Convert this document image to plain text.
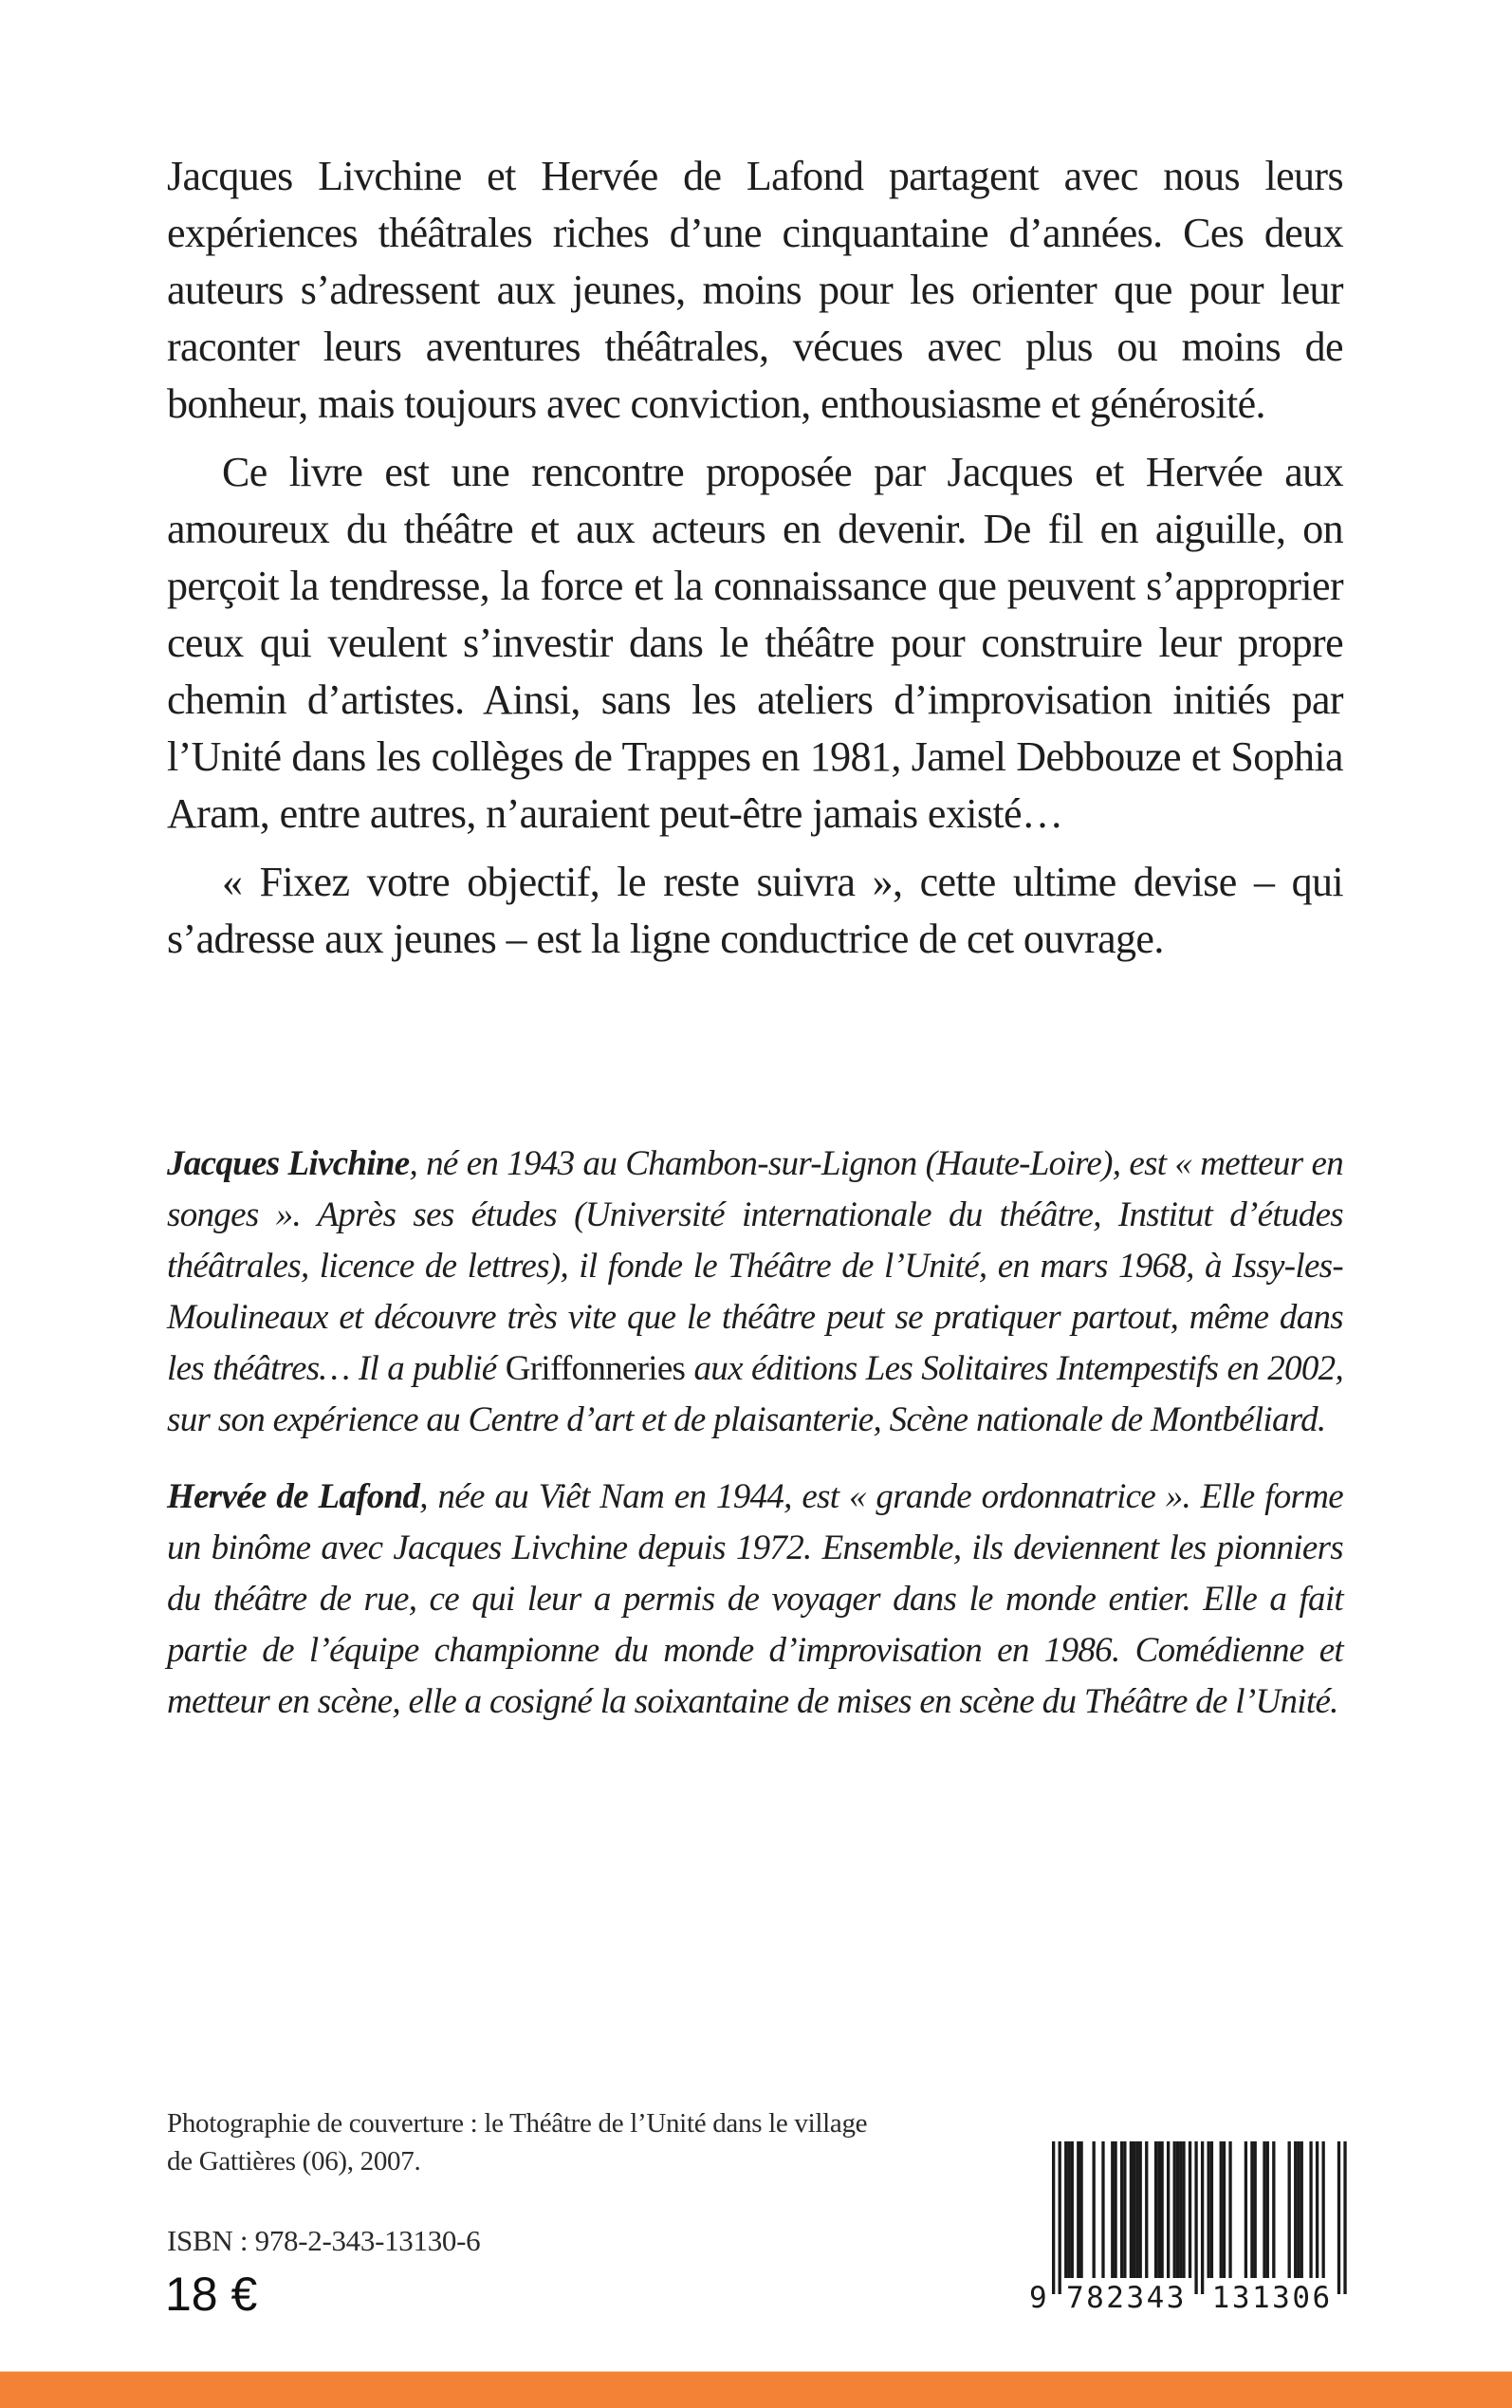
Jacques Livchine et Hervée de Lafond partagent avec nous leurs expériences théâtrales riches d’une cinquantaine d’années. Ces deux auteurs s’adressent aux jeunes, moins pour les orienter que pour leur raconter leurs aventures théâtrales, vécues avec plus ou moins de bonheur, mais toujours avec conviction, enthousiasme et générosité.

Ce livre est une rencontre proposée par Jacques et Hervée aux amoureux du théâtre et aux acteurs en devenir. De fil en aiguille, on perçoit la tendresse, la force et la connaissance que peuvent s’approprier ceux qui veulent s’investir dans le théâtre pour construire leur propre chemin d’artistes. Ainsi, sans les ateliers d’improvisation initiés par l’Unité dans les collèges de Trappes en 1981, Jamel Debbouze et Sophia Aram, entre autres, n’auraient peut-être jamais existé…

« Fixez votre objectif, le reste suivra », cette ultime devise – qui s’adresse aux jeunes – est la ligne conductrice de cet ouvrage.

Jacques Livchine, né en 1943 au Chambon-sur-Lignon (Haute-Loire), est « metteur en songes ». Après ses études (Université internationale du théâtre, Institut d’études théâtrales, licence de lettres), il fonde le Théâtre de l’Unité, en mars 1968, à Issy-les-Moulineaux et découvre très vite que le théâtre peut se pratiquer partout, même dans les théâtres… Il a publié Griffonneries aux éditions Les Solitaires Intempestifs en 2002, sur son expérience au Centre d’art et de plaisanterie, Scène nationale de Montbéliard.

Hervée de Lafond, née au Viêt Nam en 1944, est « grande ordonnatrice ». Elle forme un binôme avec Jacques Livchine depuis 1972. Ensemble, ils deviennent les pionniers du théâtre de rue, ce qui leur a permis de voyager dans le monde entier. Elle a fait partie de l’équipe championne du monde d’improvisation en 1986. Comédienne et metteur en scène, elle a cosigné la soixantaine de mises en scène du Théâtre de l’Unité.

Photographie de couverture : le Théâtre de l’Unité dans le village
de Gattières (06), 2007.
ISBN : 978-2-343-13130-6
18 €	9 782343 131306
